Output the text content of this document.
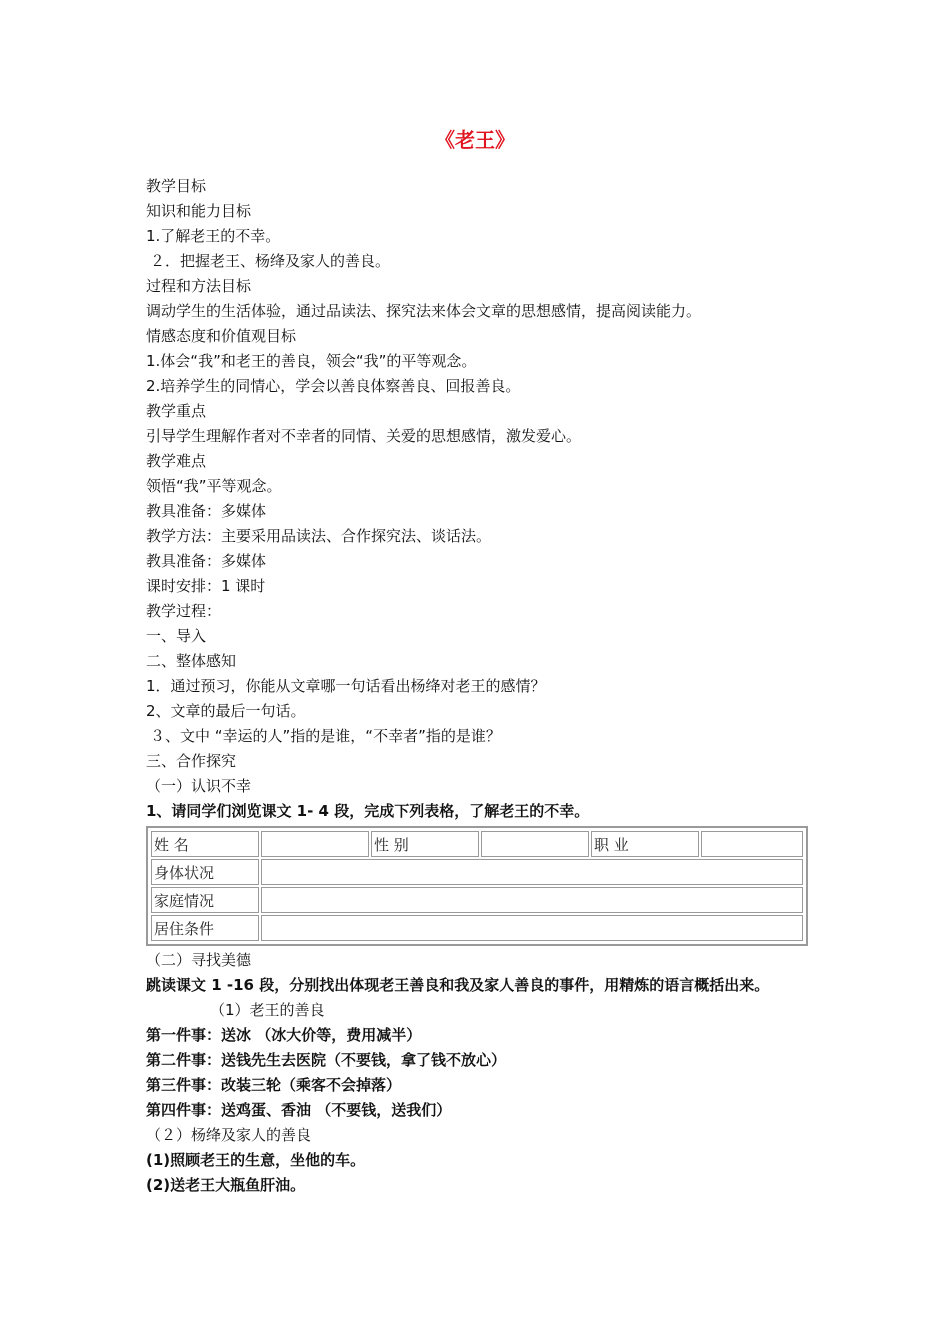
《老王》
教学目标
知识和能力目标
1.了解老王的不幸。
２．把握老王、杨绛及家人的善良。
过程和方法目标
调动学生的生活体验，通过品读法、探究法来体会文章的思想感情，提高阅读能力。
情感态度和价值观目标
1.体会“我”和老王的善良，领会“我”的平等观念。
2.培养学生的同情心，学会以善良体察善良、回报善良。
教学重点
引导学生理解作者对不幸者的同情、关爱的思想感情，激发爱心。
教学难点
领悟“我”平等观念。
教具准备：多媒体
教学方法：主要采用品读法、合作探究法、谈话法。
教具准备：多媒体
课时安排：1 课时
教学过程：
一、导入
二、整体感知
1．通过预习，你能从文章哪一句话看出杨绛对老王的感情？
2、文章的最后一句话。
３、文中 “幸运的人”指的是谁，“不幸者”指的是谁？
三、合作探究
（一）认识不幸
1、请同学们浏览课文 1- 4 段，完成下列表格，了解老王的不幸。
姓 名		性 别		职 业	
身体状况					
家庭情况					
居住条件					
（二）寻找美德
跳读课文 1 -16 段，分别找出体现老王善良和我及家人善良的事件，用精炼的语言概括出来。
（1）老王的善良
第一件事：送冰 （冰大价等，费用减半）
第二件事：送钱先生去医院（不要钱，拿了钱不放心）
第三件事：改装三轮（乘客不会掉落）
第四件事：送鸡蛋、香油 （不要钱，送我们）
（２）杨绛及家人的善良
(1)照顾老王的生意，坐他的车。
(2)送老王大瓶鱼肝油。
